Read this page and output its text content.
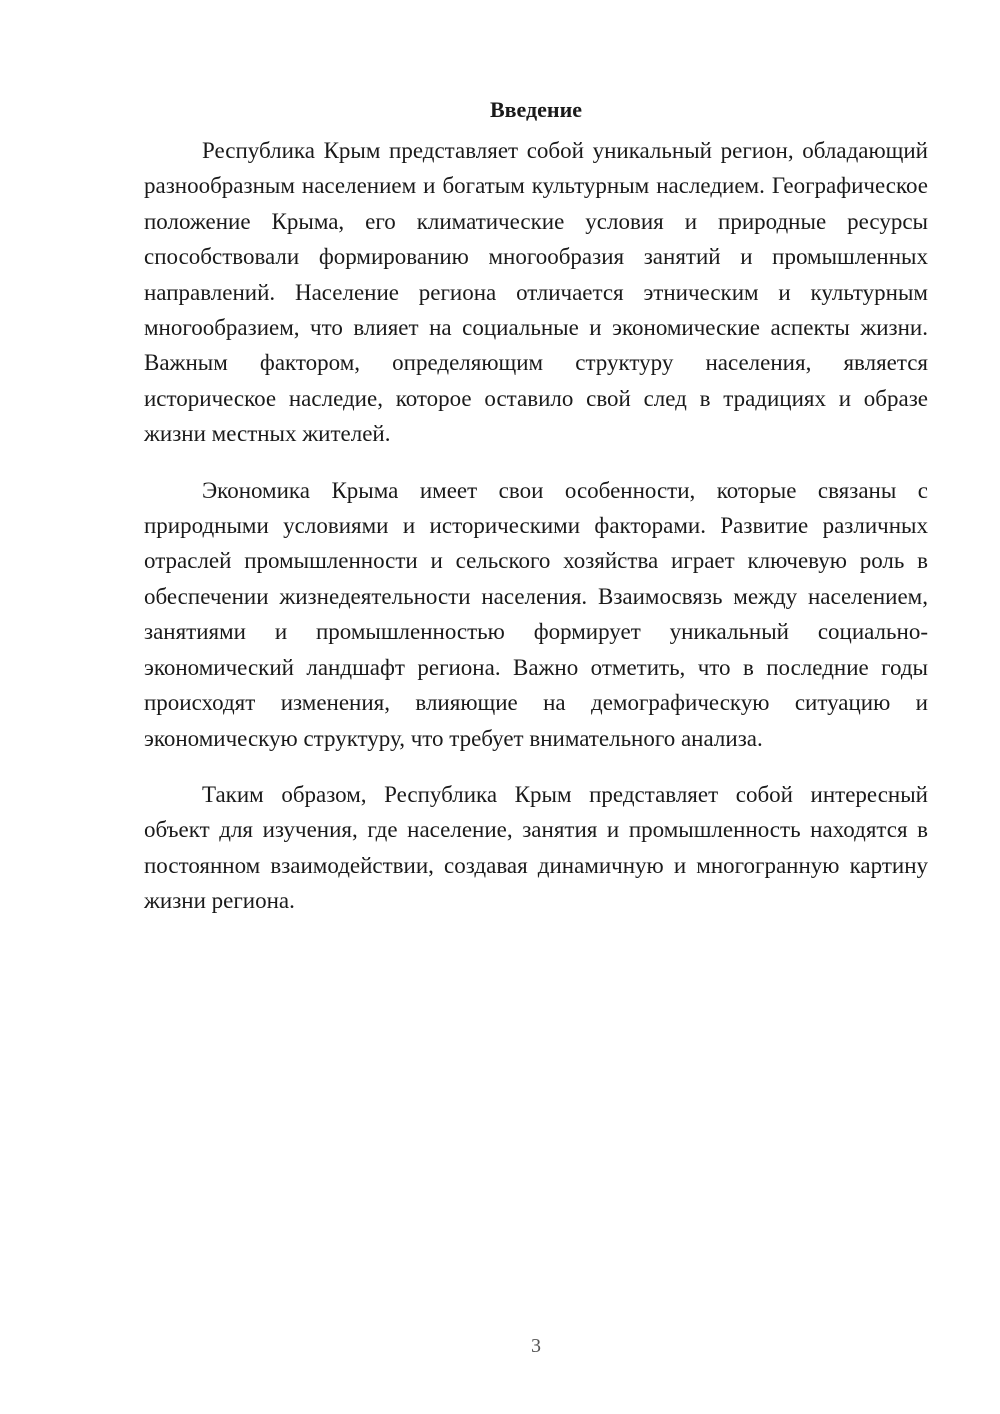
Введение

Республика Крым представляет собой уникальный регион, обладающий разнообразным населением и богатым культурным наследием. Географическое положение Крыма, его климатические условия и природные ресурсы способствовали формированию многообразия занятий и промышленных направлений. Население региона отличается этническим и культурным многообразием, что влияет на социальные и экономические аспекты жизни. Важным фактором, определяющим структуру населения, является историческое наследие, которое оставило свой след в традициях и образе жизни местных жителей.

Экономика Крыма имеет свои особенности, которые связаны с природными условиями и историческими факторами. Развитие различных отраслей промышленности и сельского хозяйства играет ключевую роль в обеспечении жизнедеятельности населения. Взаимосвязь между населением, занятиями и промышленностью формирует уникальный социально-экономический ландшафт региона. Важно отметить, что в последние годы происходят изменения, влияющие на демографическую ситуацию и экономическую структуру, что требует внимательного анализа.

Таким образом, Республика Крым представляет собой интересный объект для изучения, где население, занятия и промышленность находятся в постоянном взаимодействии, создавая динамичную и многогранную картину жизни региона.

3
